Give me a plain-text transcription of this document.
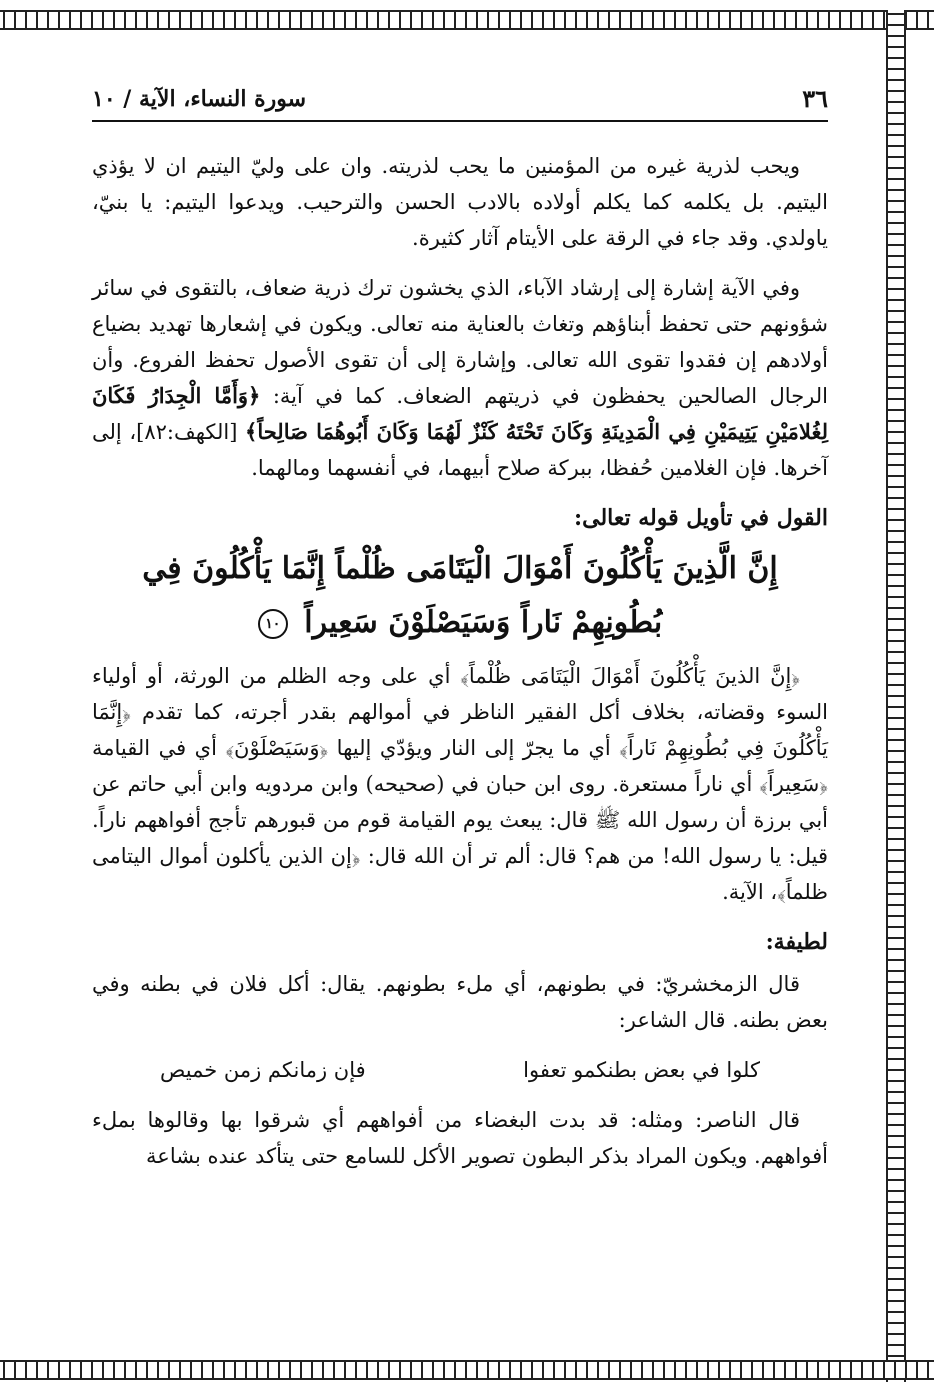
٣٦
سورة النساء، الآية / ١٠

ويحب لذرية غيره من المؤمنين ما يحب لذريته. وان على وليّ اليتيم ان لا يؤذي اليتيم. بل يكلمه كما يكلم أولاده بالادب الحسن والترحيب. ويدعوا اليتيم: يا بنيّ، ياولدي. وقد جاء في الرقة على الأيتام آثار كثيرة.

وفي الآية إشارة إلى إرشاد الآباء، الذي يخشون ترك ذرية ضعاف، بالتقوى في سائر شؤونهم حتى تحفظ أبناؤهم وتغاث بالعناية منه تعالى. ويكون في إشعارها تهديد بضياع أولادهم إن فقدوا تقوى الله تعالى. وإشارة إلى أن تقوى الأصول تحفظ الفروع. وأن الرجال الصالحين يحفظون في ذريتهم الضعاف. كما في آية: ﴿وَأَمَّا الْجِدَارُ فَكَانَ لِغُلامَيْنِ يَتِيمَيْنِ فِي الْمَدِينَةِ وَكَانَ تَحْتَهُ كَنْزٌ لَهُمَا وَكَانَ أَبُوهُمَا صَالِحاً﴾ [الكهف:٨٢]، إلى آخرها. فإن الغلامين حُفظا، ببركة صلاح أبيهما، في أنفسهما ومالهما.

القول في تأويل قوله تعالى:

إِنَّ الَّذِينَ يَأْكُلُونَ أَمْوَالَ الْيَتَامَى ظُلْماً إِنَّمَا يَأْكُلُونَ فِي
بُطُونِهِمْ نَاراً وَسَيَصْلَوْنَ سَعِيراً ١٠

﴿إِنَّ الذينَ يَأْكُلُونَ أَمْوَالَ الْيَتَامَى ظُلْماً﴾ أي على وجه الظلم من الورثة، أو أولياء السوء وقضاته، بخلاف أكل الفقير الناظر في أموالهم بقدر أجرته، كما تقدم ﴿إِنَّمَا يَأْكُلُونَ فِي بُطُونِهِمْ نَاراً﴾ أي ما يجرّ إلى النار ويؤدّي إليها ﴿وَسَيَصْلَوْنَ﴾ أي في القيامة ﴿سَعِيراً﴾ أي ناراً مستعرة. روى ابن حبان في (صحيحه) وابن مردويه وابن أبي حاتم عن أبي برزة أن رسول الله ﷺ قال: يبعث يوم القيامة قوم من قبورهم تأجج أفواههم ناراً. قيل: يا رسول الله! من هم؟ قال: ألم تر أن الله قال: ﴿إن الذين يأكلون أموال اليتامى ظلماً﴾، الآية.

لطيفة:

قال الزمخشريّ: في بطونهم، أي ملء بطونهم. يقال: أكل فلان في بطنه وفي بعض بطنه. قال الشاعر:

كلوا في بعض بطنكمو تعفوا
فإن زمانكم زمن خميص

قال الناصر: ومثله: قد بدت البغضاء من أفواههم أي شرقوا بها وقالوها بملء أفواههم. ويكون المراد بذكر البطون تصوير الأكل للسامع حتى يتأكد عنده بشاعة
